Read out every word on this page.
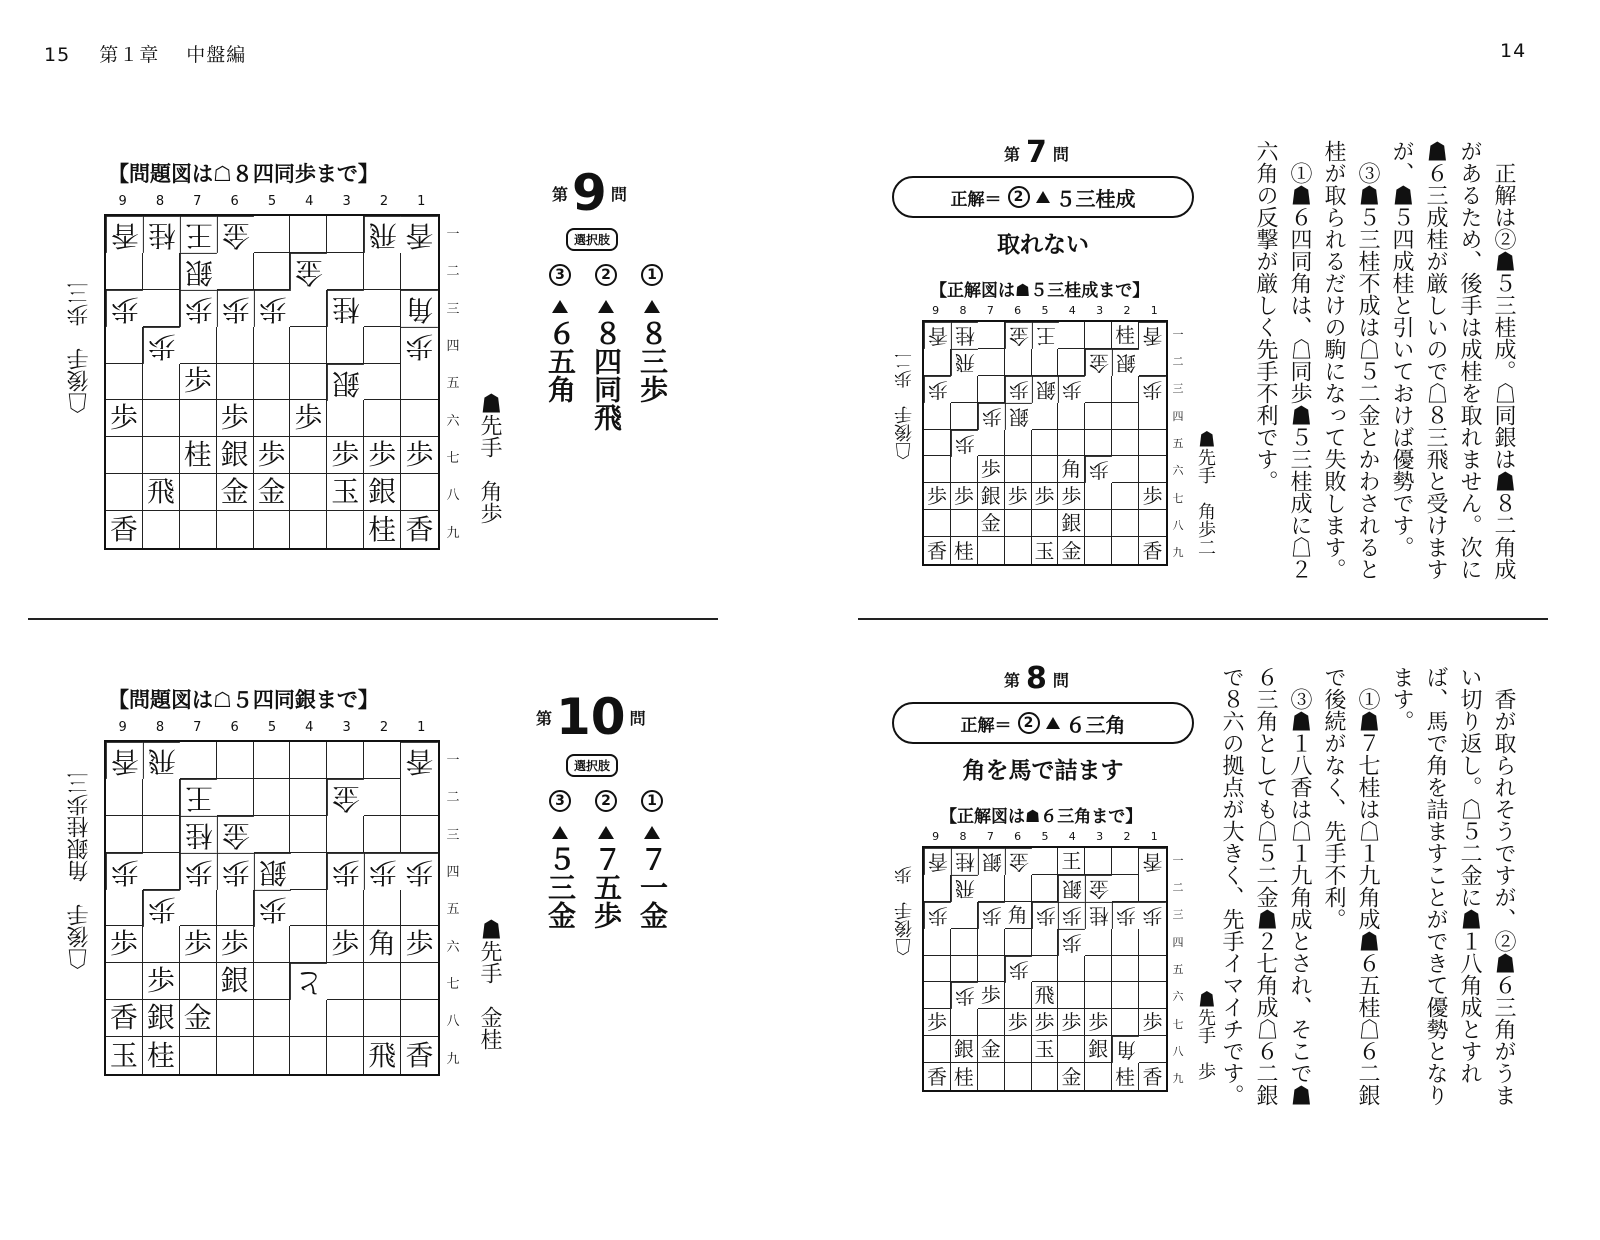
15 第１章 中盤編	14
【問題図は☖８四同歩まで】
9	8	7	6	5	4	3	2	1
香 桂 王 金	飛 香
銀	金
歩 歩 歩 歩 桂 角
歩	歩
歩	銀
歩	歩 歩
桂 銀 歩 歩 歩 歩
飛 金 金 玉 銀
香	桂 香
一
二
三
四
五
六
七
八
九
☖後手　歩三
☗先手　角歩
第 9 問
選択肢
1
８三歩
2
８四同飛
3
６五角
【問題図は☖５四同銀まで】
9	8	7	6	5	4	3	2	1
香 飛	香
王	金
桂 金
歩 歩 歩 銀 歩 歩 歩
歩	歩
歩 歩 歩	歩 角 歩
歩 銀 と
香 銀 金
玉 桂	飛 香
一
二
三
四
五
六
七
八
九
☖後手　角銀桂歩三
☗先手　金桂
第 10 問
選択肢
1
７一金
2
７五歩
3
５三金
第 7 問
正解＝ 2	５三桂成
取れない
【正解図は☗５三桂成まで】
9	8	7	6	5	4	3	2	1
香 桂 金 王	桂 香
飛	金 銀
歩	歩 銀 歩	歩
歩 銀
歩
歩	角 歩
歩 歩 銀 歩 歩 歩	歩
金	銀
香 桂	玉 金	香
一
二
三
四
五
六
七
八
九
☖後手　歩二
☗先手　角歩二	正解は②☗５三桂成。☖同銀は☗８二角成があるため、後手は成桂を取れません。次に☗６三成桂が厳しいので☖８三飛と受けますが、☗５四成桂と引いておけば優勢です。

③☗５三桂不成は☖５二金とかわされると桂が取られるだけの駒になって失敗します。

①☗６四同角は、☖同歩☗５三桂成に☖２六角の反撃が厳しく先手不利です。

第 8 問
正解＝ 2	６三角
角を馬で詰ます
【正解図は☗６三角まで】
9	8	7	6	5	4	3	2	1
香 桂 銀 金 王	香
飛	銀 金
歩 歩 角 歩 歩 桂 歩 歩
歩
歩
歩 歩 飛
歩	歩 歩 歩 歩 歩
銀 金 玉 銀 角
香 桂	金 桂 香
一
二
三
四
五
六
七
八
九
☖後手　歩
☗先手　歩	香が取られそうですが、②☗６三角がうまい切り返し。☖５二金に☗１八角成とすれば、馬で角を詰ますことができて優勢となります。

①☗７七桂は☖１九角成☗６五桂☖６二銀で後続がなく、先手不利。

③☗１八香は☖１九角成とされ、そこで☗６三角としても☖５二金☗２七角成☖６二銀で８六の拠点が大きく、先手イマイチです。
